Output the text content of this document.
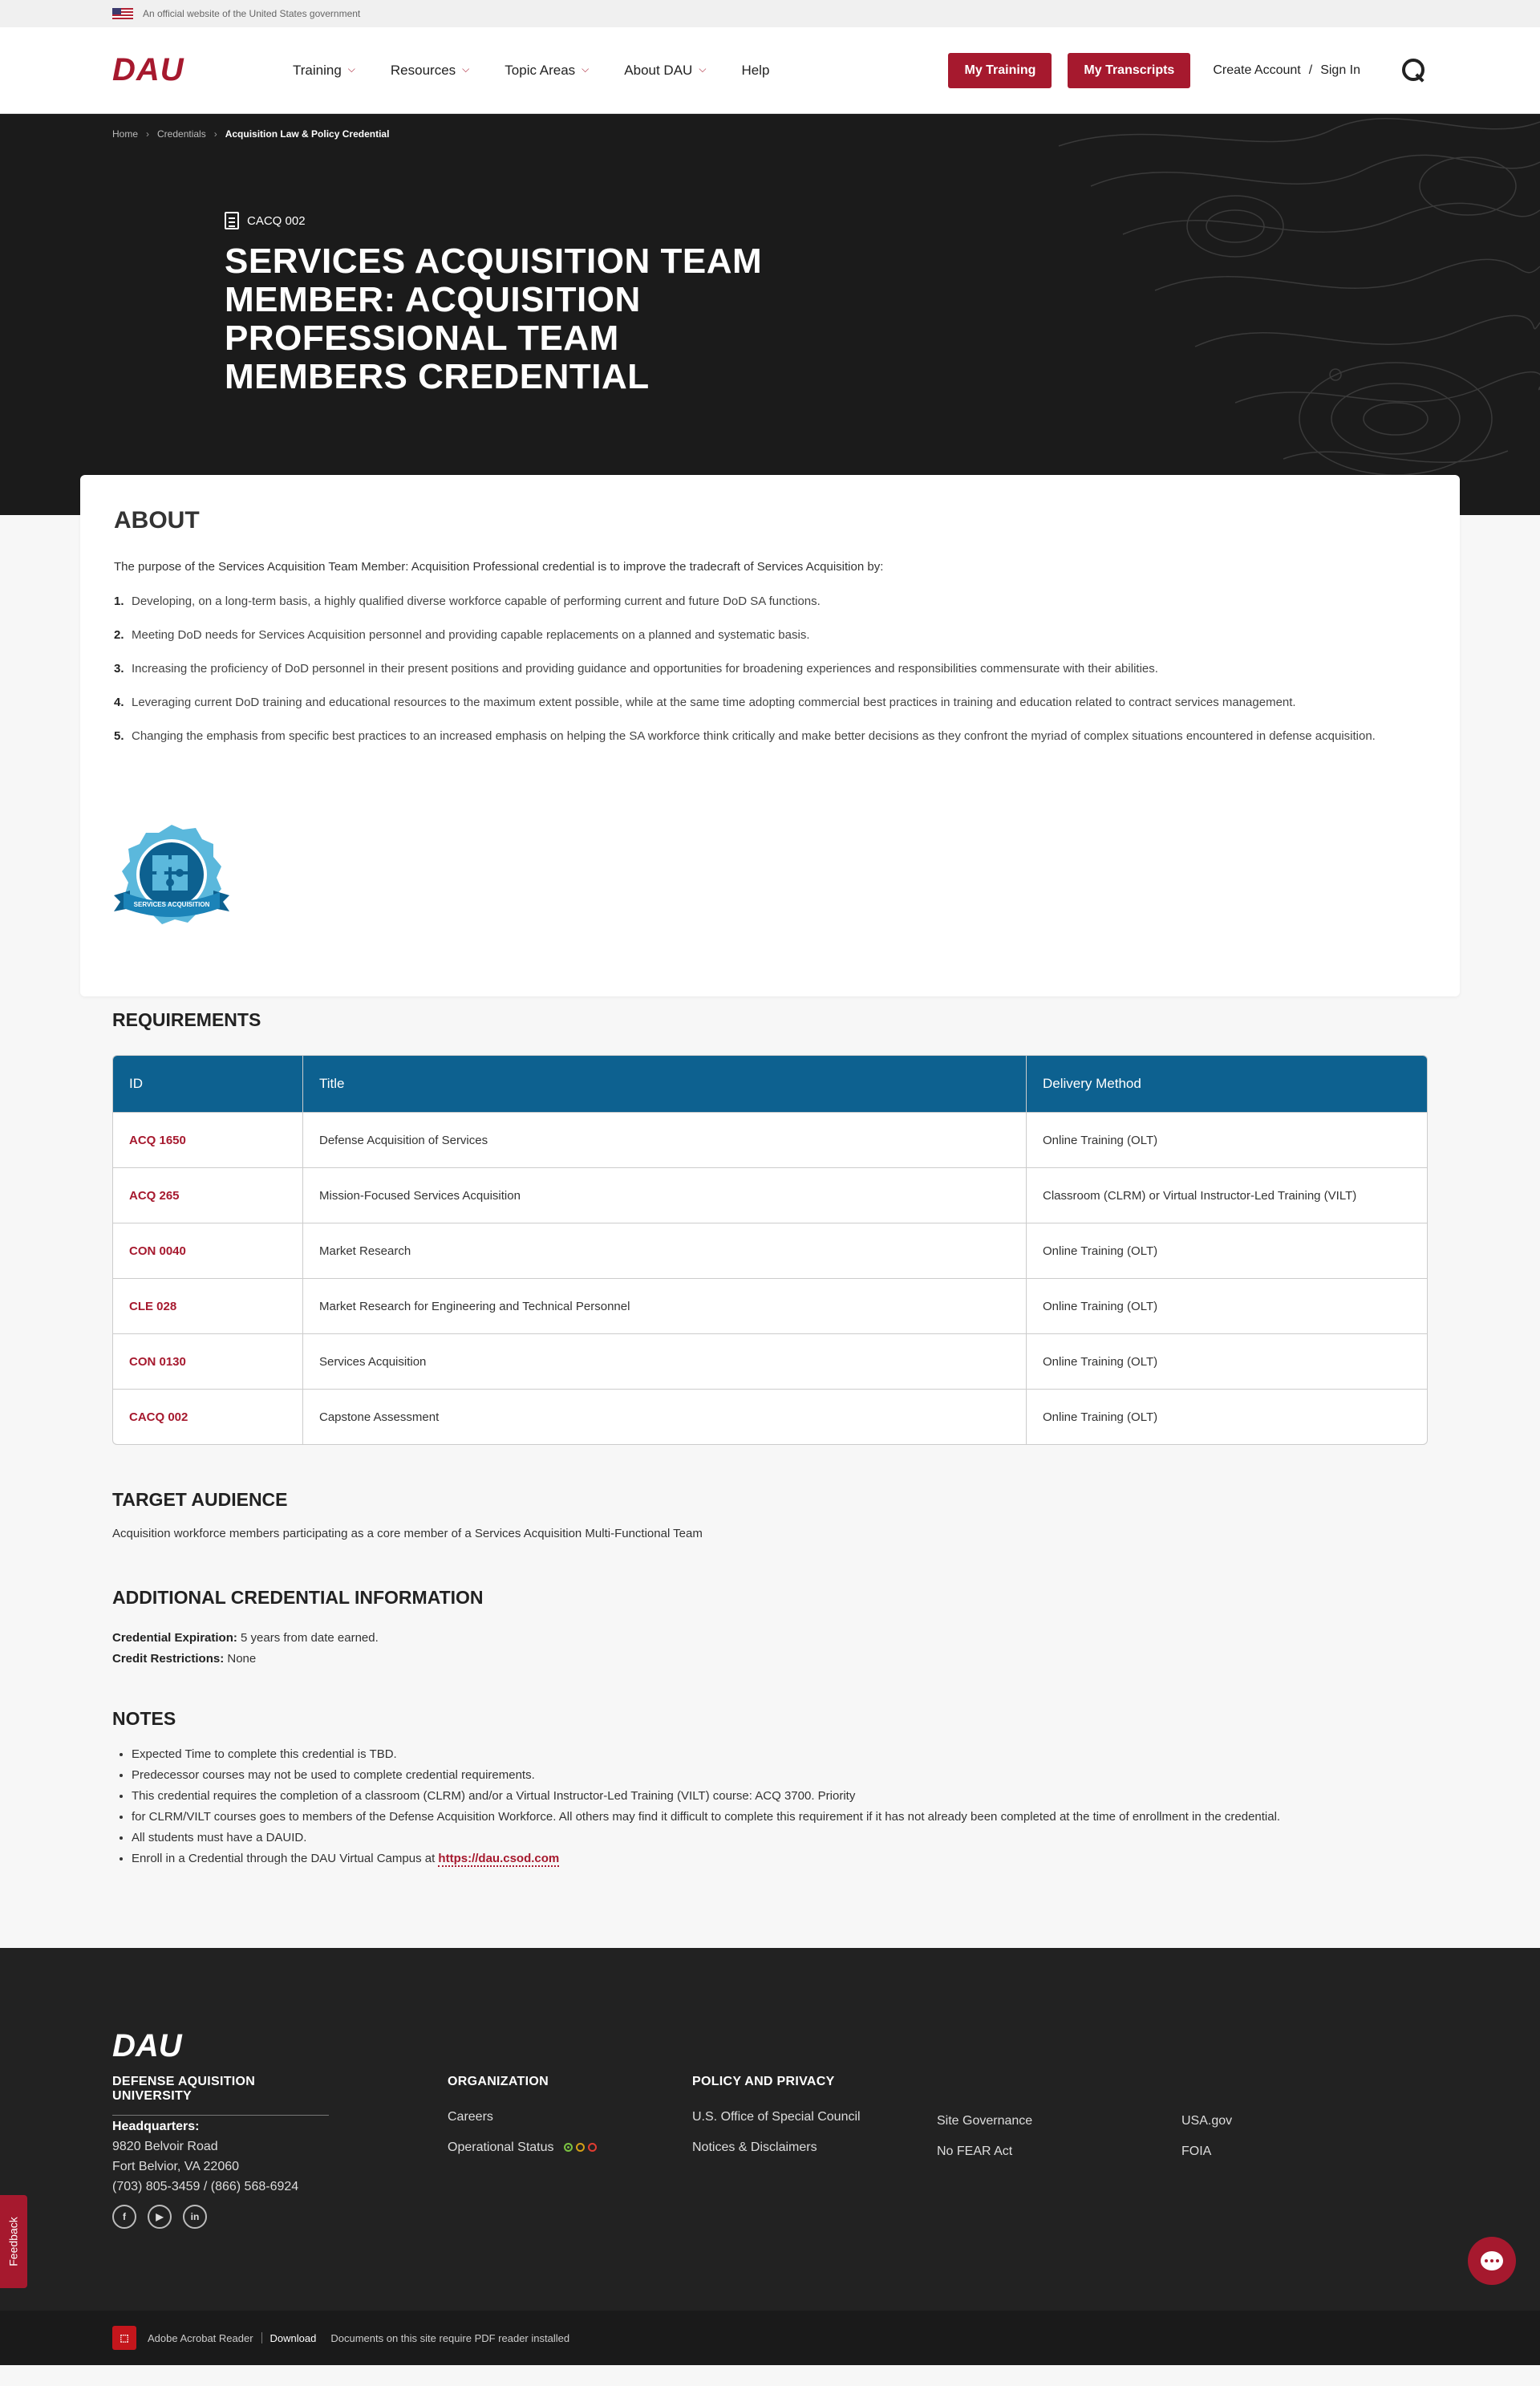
An official website of the United States government
DAU	Training ⌵	Resources ⌵	Topic Areas ⌵	About DAU ⌵	Help	My Training	My Transcripts	Create Account / Sign In
Home › Credentials › Acquisition Law & Policy Credential
CACQ 002
SERVICES ACQUISITION TEAM MEMBER: ACQUISITION PROFESSIONAL TEAM MEMBERS CREDENTIAL
ABOUT

The purpose of the Services Acquisition Team Member: Acquisition Professional credential is to improve the tradecraft of Services Acquisition by:

Developing, on a long-term basis, a highly qualified diverse workforce capable of performing current and future DoD SA functions.
Meeting DoD needs for Services Acquisition personnel and providing capable replacements on a planned and systematic basis.
Increasing the proficiency of DoD personnel in their present positions and providing guidance and opportunities for broadening experiences and responsibilities commensurate with their abilities.
Leveraging current DoD training and educational resources to the maximum extent possible, while at the same time adopting commercial best practices in training and education related to contract services management.
Changing the emphasis from specific best practices to an increased emphasis on helping the SA workforce think critically and make better decisions as they confront the myriad of complex situations encountered in defense acquisition.
SERVICES ACQUISITION
REQUIREMENTS
ID	Title	Delivery Method
ACQ 1650	Defense Acquisition of Services	Online Training (OLT)
ACQ 265	Mission-Focused Services Acquisition	Classroom (CLRM) or Virtual Instructor-Led Training (VILT)
CON 0040	Market Research	Online Training (OLT)
CLE 028	Market Research for Engineering and Technical Personnel	Online Training (OLT)
CON 0130	Services Acquisition	Online Training (OLT)
CACQ 002	Capstone Assessment	Online Training (OLT)
TARGET AUDIENCE

Acquisition workforce members participating as a core member of a Services Acquisition Multi-Functional Team

ADDITIONAL CREDENTIAL INFORMATION
Credential Expiration: 5 years from date earned.
Credit Restrictions: None
NOTES
• Expected Time to complete this credential is TBD.
• Predecessor courses may not be used to complete credential requirements.
• This credential requires the completion of a classroom (CLRM) and/or a Virtual Instructor-Led Training (VILT) course: ACQ 3700. Priority
• for CLRM/VILT courses goes to members of the Defense Acquisition Workforce. All others may find it difficult to complete this requirement if it has not already been completed at the time of enrollment in the credential.
• All students must have a DAUID.
• Enroll in a Credential through the DAU Virtual Campus at https://dau.csod.com
DAU
DEFENSE AQUISITION UNIVERSITY
Headquarters:
9820 Belvoir Road
Fort Belvior, VA 22060
(703) 805-3459 / (866) 568-6924
f	▶	in
ORGANIZATION
Careers
Operational Status
POLICY AND PRIVACY
U.S. Office of Special Council
Notices & Disclaimers
Site Governance
No FEAR Act
USA.gov
FOIA
Feedback
⬚	Adobe Acrobat Reader Download Documents on this site require PDF reader installed
